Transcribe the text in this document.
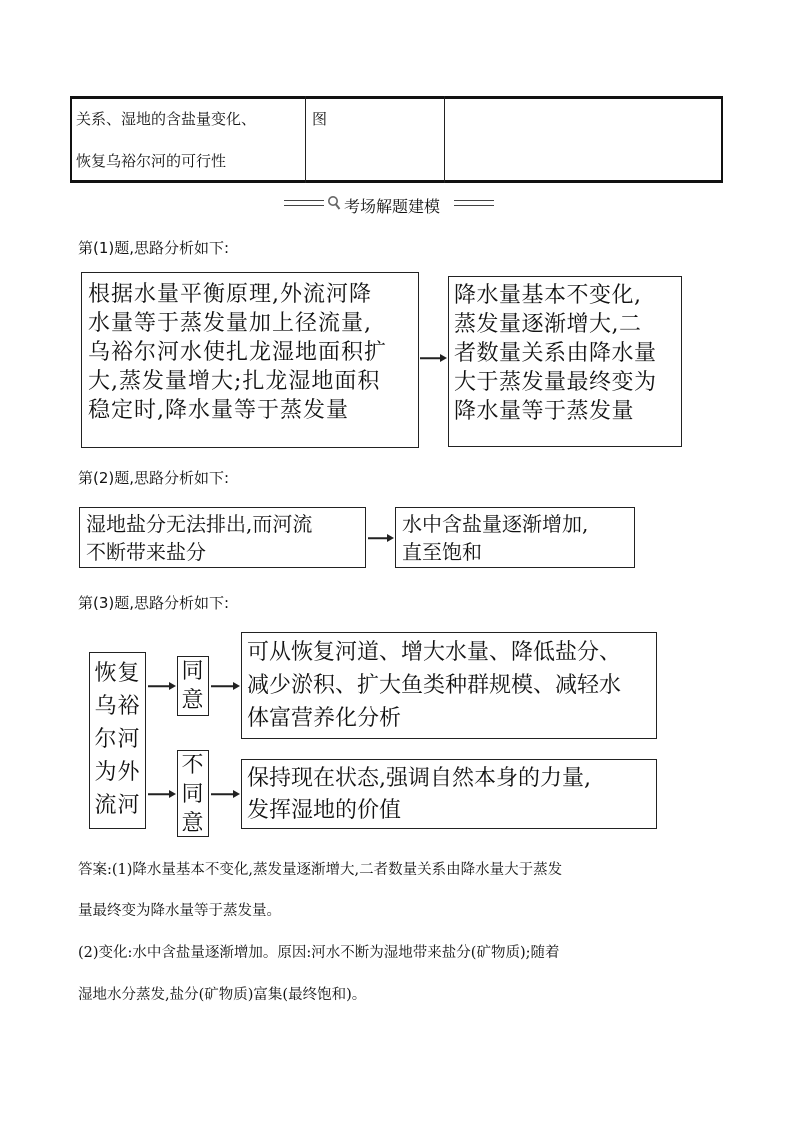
关系、湿地的含盐量变化、
恢复乌裕尔河的可行性
图
考场解题建模
第(1)题,思路分析如下:
根据水量平衡原理,外流河降
水量等于蒸发量加上径流量,
乌裕尔河水使扎龙湿地面积扩
大,蒸发量增大;扎龙湿地面积
稳定时,降水量等于蒸发量
降水量基本不变化,
蒸发量逐渐增大,二
者数量关系由降水量
大于蒸发量最终变为
降水量等于蒸发量
第(2)题,思路分析如下:
湿地盐分无法排出,而河流
不断带来盐分
水中含盐量逐渐增加,
直至饱和
第(3)题,思路分析如下:
恢复
乌裕
尔河
为外
流河
同
意
可从恢复河道、增大水量、降低盐分、
减少淤积、扩大鱼类种群规模、减轻水
体富营养化分析
不
同
意
保持现在状态,强调自然本身的力量,
发挥湿地的价值
答案:(1)降水量基本不变化,蒸发量逐渐增大,二者数量关系由降水量大于蒸发
量最终变为降水量等于蒸发量。
(2)变化:水中含盐量逐渐增加。原因:河水不断为湿地带来盐分(矿物质);随着
湿地水分蒸发,盐分(矿物质)富集(最终饱和)。
